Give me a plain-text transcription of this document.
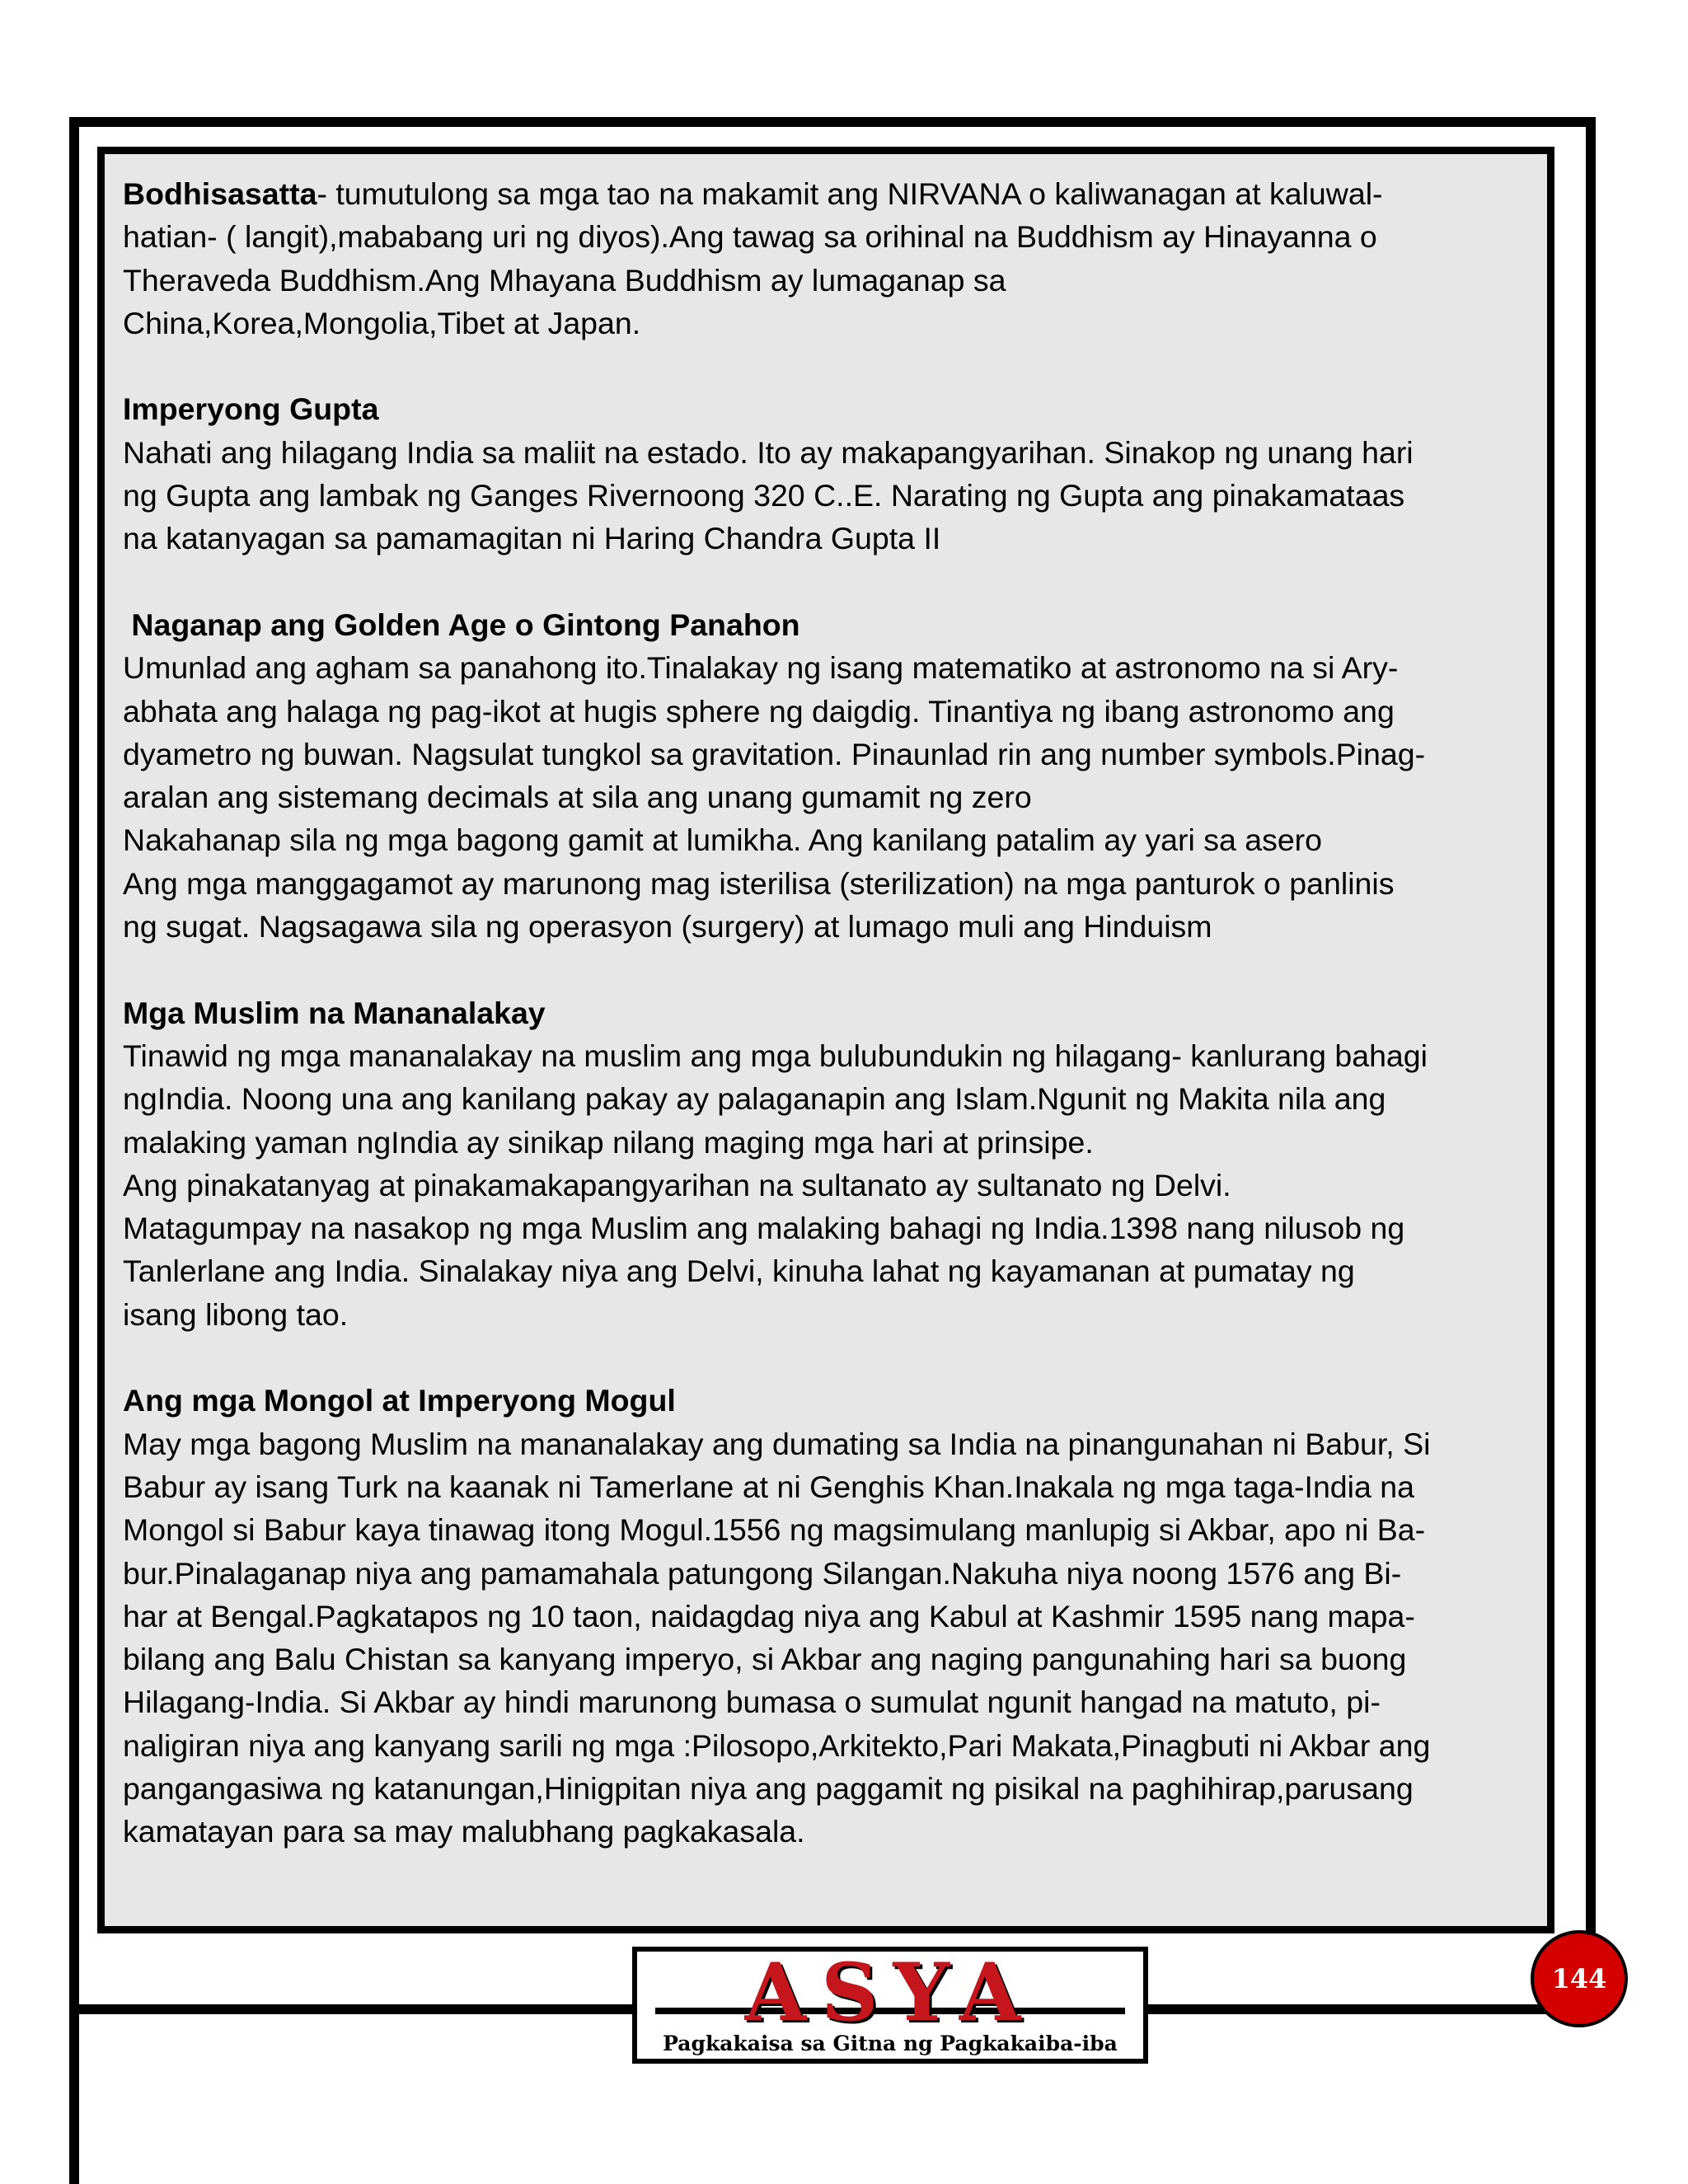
Bodhisasatta- tumutulong sa mga tao na makamit ang NIRVANA o kaliwanagan at kaluwal-
hatian- ( langit),mababang uri ng diyos).Ang tawag sa orihinal na Buddhism ay Hinayanna o
Theraveda Buddhism.Ang Mhayana Buddhism ay lumaganap sa
China,Korea,Mongolia,Tibet at Japan.

Imperyong Gupta

Nahati ang hilagang India sa maliit na estado. Ito ay makapangyarihan. Sinakop ng unang hari
ng Gupta ang lambak ng Ganges Rivernoong 320 C..E. Narating ng Gupta ang pinakamataas
na katanyagan sa pamamagitan ni Haring Chandra Gupta II

Naganap ang Golden Age o Gintong Panahon

Umunlad ang agham sa panahong ito.Tinalakay ng isang matematiko at astronomo na si Ary-
abhata ang halaga ng pag-ikot at hugis sphere ng daigdig. Tinantiya ng ibang astronomo ang
dyametro ng buwan. Nagsulat tungkol sa gravitation. Pinaunlad rin ang number symbols.Pinag-
aralan ang sistemang decimals at sila ang unang gumamit ng zero
Nakahanap sila ng mga bagong gamit at lumikha. Ang kanilang patalim ay yari sa asero
Ang mga manggagamot ay marunong mag isterilisa (sterilization) na mga panturok o panlinis
ng sugat. Nagsagawa sila ng operasyon (surgery) at lumago muli ang Hinduism

Mga Muslim na Mananalakay

Tinawid ng mga mananalakay na muslim ang mga bulubundukin ng hilagang- kanlurang bahagi
ngIndia. Noong una ang kanilang pakay ay palaganapin ang Islam.Ngunit ng Makita nila ang
malaking yaman ngIndia ay sinikap nilang maging mga hari at prinsipe.
Ang pinakatanyag at pinakamakapangyarihan na sultanato ay sultanato ng Delvi.
Matagumpay na nasakop ng mga Muslim ang malaking bahagi ng India.1398 nang nilusob ng
Tanlerlane ang India. Sinalakay niya ang Delvi, kinuha lahat ng kayamanan at pumatay ng
isang libong tao.

Ang mga Mongol at Imperyong Mogul

May mga bagong Muslim na mananalakay ang dumating sa India na pinangunahan ni Babur, Si
Babur ay isang Turk na kaanak ni Tamerlane at ni Genghis Khan.Inakala ng mga taga-India na
Mongol si Babur kaya tinawag itong Mogul.1556 ng magsimulang manlupig si Akbar, apo ni Ba-
bur.Pinalaganap niya ang pamamahala patungong Silangan.Nakuha niya noong 1576 ang Bi-
har at Bengal.Pagkatapos ng 10 taon, naidagdag niya ang Kabul at Kashmir 1595 nang mapa-
bilang ang Balu Chistan sa kanyang imperyo, si Akbar ang naging pangunahing hari sa buong
Hilagang-India. Si Akbar ay hindi marunong bumasa o sumulat ngunit hangad na matuto, pi-
naligiran niya ang kanyang sarili ng mga :Pilosopo,Arkitekto,Pari Makata,Pinagbuti ni Akbar ang
pangangasiwa ng katanungan,Hinigpitan niya ang paggamit ng pisikal na paghihirap,parusang
kamatayan para sa may malubhang pagkakasala.

ASYA
Pagkakaisa sa Gitna ng Pagkakaiba-iba
144
